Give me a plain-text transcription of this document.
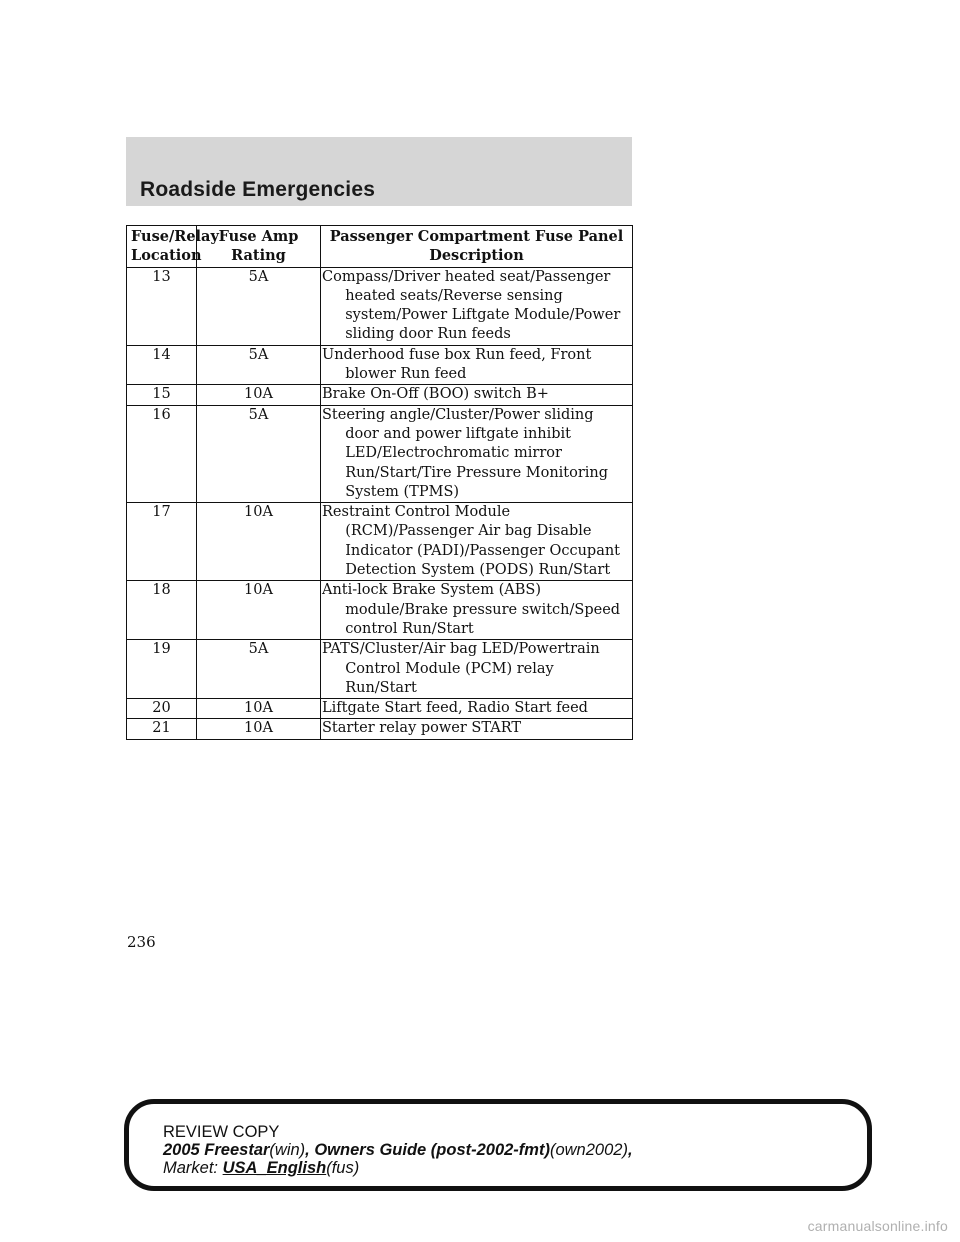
Roadside Emergencies
Fuse/Relay Location	Fuse Amp Rating	Passenger Compartment Fuse Panel Description
13	5A	Compass/Driver heated seat/Passenger heated seats/Reverse sensing system/Power Liftgate Module/Power sliding door Run feeds

14	5A	Underhood fuse box Run feed, Front blower Run feed

15	10A	Brake On-Off (BOO) switch B+

16	5A	Steering angle/Cluster/Power sliding door and power liftgate inhibit LED/Electrochromatic mirror Run/Start/Tire Pressure Monitoring System (TPMS)

17	10A	Restraint Control Module (RCM)/Passenger Air bag Disable Indicator (PADI)/Passenger Occupant Detection System (PODS) Run/Start

18	10A	Anti-lock Brake System (ABS) module/Brake pressure switch/Speed control Run/Start

19	5A	PATS/Cluster/Air bag LED/Powertrain Control Module (PCM) relay Run/Start

20	10A	Liftgate Start feed, Radio Start feed

21	10A	Starter relay power START
236
REVIEW COPY
2005 Freestar(win), Owners Guide (post-2002-fmt)(own2002),
Market: USA_English(fus)
carmanualsonline.info
